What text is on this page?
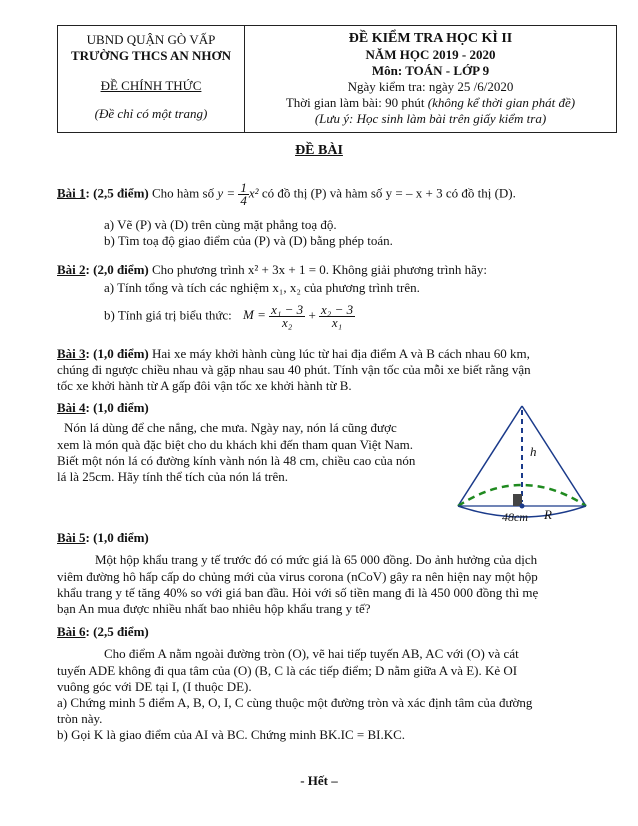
UBND QUẬN GÒ VẤP
TRƯỜNG THCS AN NHƠN
ĐỀ CHÍNH THỨC
(Đề chỉ có một trang)

ĐỀ KIỂM TRA HỌC KÌ II
NĂM HỌC 2019 - 2020
Môn: TOÁN - LỚP 9
Ngày kiểm tra: ngày 25 /6/2020
Thời gian làm bài: 90 phút (không kể thời gian phát đề)
(Lưu ý: Học sinh làm bài trên giấy kiểm tra)
ĐỀ BÀI
Bài 1: (2,5 điểm) Cho hàm số $y = \frac{1}{4} x^2$ có đồ thị (P) và hàm số y = – x + 3 có đồ thị (D).
a) Vẽ (P) và (D) trên cùng mặt phẳng toạ độ.
b) Tìm toạ độ giao điểm của (P) và (D) bằng phép toán.
Bài 2: (2,0 điểm) Cho phương trình x² + 3x + 1 = 0. Không giải phương trình hãy:
a) Tính tổng và tích các nghiệm x₁, x₂ của phương trình trên.
b) Tính giá trị biểu thức: $M = \frac{\text{x₁ − 3}}{\text{x₂}} + \frac{\text{x₂ − 3}}{\text{x₁}}$
Bài 3: (1,0 điểm) Hai xe máy khởi hành cùng lúc từ hai địa điểm A và B cách nhau 60 km,
chúng đi ngược chiều nhau và gặp nhau sau 40 phút. Tính vận tốc của mỗi xe biết rằng vận
tốc xe khởi hành từ A gấp đôi vận tốc xe khởi hành từ B.
Bài 4: (1,0 điểm)
Nón lá dùng để che nắng, che mưa. Ngày nay, nón lá cũng được
xem là món quà đặc biệt cho du khách khi đến tham quan Việt Nam.
Biết một nón lá có đường kính vành nón là 48 cm, chiều cao của nón
lá là 25cm. Hãy tính thể tích của nón lá trên.
h
48cm R
Bài 5: (1,0 điểm)
Một hộp khẩu trang y tế trước đó có mức giá là 65 000 đồng. Do ảnh hưởng của dịch
viêm đường hô hấp cấp do chủng mới của virus corona (nCoV) gây ra nên hiện nay một hộp
khẩu trang y tế tăng 40% so với giá ban đầu. Hỏi với số tiền mang đi là 450 000 đồng thì mẹ
bạn An mua được nhiều nhất bao nhiêu hộp khẩu trang y tế?
Bài 6: (2,5 điểm)
Cho điểm A nằm ngoài đường tròn (O), vẽ hai tiếp tuyến AB, AC với (O) và cát
tuyến ADE không đi qua tâm của (O) (B, C là các tiếp điểm; D nằm giữa A và E). Kẻ OI
vuông góc với DE tại I, (I thuộc DE).
a) Chứng minh 5 điểm A, B, O, I, C cùng thuộc một đường tròn và xác định tâm của đường
tròn này.
b) Gọi K là giao điểm của AI và BC. Chứng minh BK.IC = BI.KC.
- Hết –
